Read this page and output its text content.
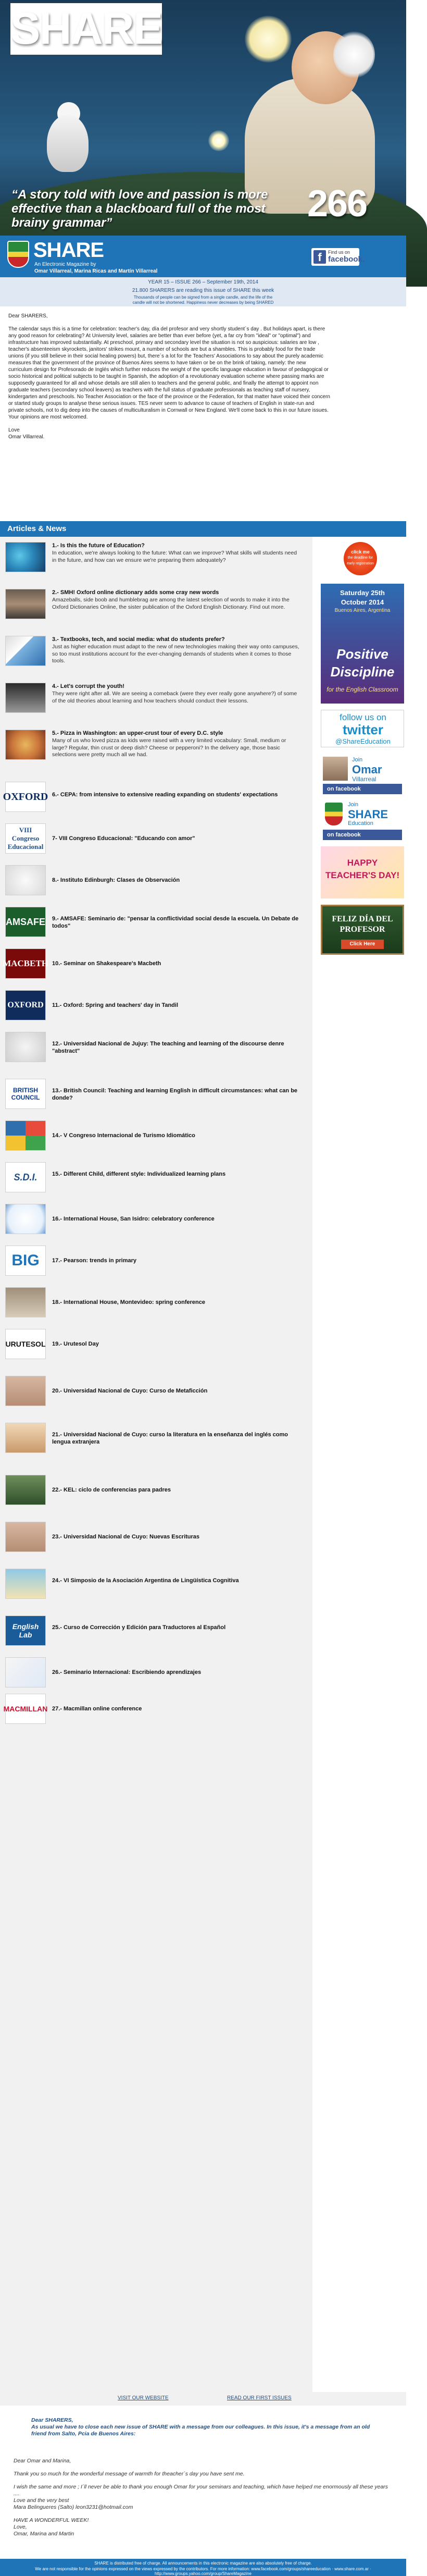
SHARE
“A story told with love and passion is more effective than a blackboard full of the most brainy grammar”	266
SHARE
An Electronic Magazine by
Omar Villarreal, Marina Ricas and Martín Villarreal
f	Find us on
facebook.
YEAR 15 – ISSUE 266 – September 19th, 2014
21.800 SHARERS are reading this issue of SHARE this week
Thousands of people can be signed from a single candle, and the life of the
candle will not be shortened. Happiness never decreases by being SHARED

Dear SHARERS,

The calendar says this is a time for celebration: teacher's day, día del profesor and very shortly student´s day . But holidays apart, is there any good reason for celebrating? At University level, salaries are better than ever before (yet, a far cry from "ideal" or "optimal") and infrastructure has improved substantially. At preschool, primary and secondary level the situation is not so auspicious: salaries are low , teacher's absenteeism skyrockets, janitors' strikes mount, a number of schools are but a shambles. This is probably food for the trade unions (if you still believe in their social healing powers) but, there´s a lot for the Teachers' Associations to say about the purely academic measures that the government of the province of Buenos Aires seems to have taken or be on the brink of taking, namely: the new curriculum design for Profesorado de Inglés which further reduces the weight of the specific language education in favour of pedagogical or socio historical and political subjects to be taught in Spanish, the adoption of a revolutionary evaluation scheme where passing marks are supposedly guaranteed for all and whose details are still alien to teachers and the general public, and finally the attempt to appoint non graduate teachers (secondary school leavers) as teachers with the full status of graduate professionals as teaching staff of nursery, kindergarten and preschools. No Teacher Association or the face of the province or the Federation, for that matter have voiced their concern or started study groups to analyse these serious issues. TES never seem to advance to cause of teachers of English in state-run and private schools, not to dig deep into the causes of multiculturalism in Cornwall or New England. We'll come back to this in our future issues. Your opinions are most welcomed.

Love
Omar Villarreal.
Articles & News
1.- Is this the future of Education?
In education, we're always looking to the future: What can we improve? What skills will students need in the future, and how can we ensure we're preparing them adequately?
2.- SMH! Oxford online dictionary adds some cray new words
Amazeballs, side boob and humblebrag are among the latest selection of words to make it into the Oxford Dictionaries Online, the sister publication of the Oxford English Dictionary. Find out more.
3.- Textbooks, tech, and social media: what do students prefer?
Just as higher education must adapt to the new of new technologies making their way onto campuses, so too must institutions account for the ever-changing demands of students when it comes to those tools.
4.- Let's corrupt the youth!
They were right after all. We are seeing a comeback (were they ever really gone anywhere?) of some of the old theories about learning and how teachers should conduct their lessons.
5.- Pizza in Washington: an upper-crust tour of every D.C. style
Many of us who loved pizza as kids were raised with a very limited vocabulary: Small, medium or large? Regular, thin crust or deep dish? Cheese or pepperoni? In the delivery age, those basic selections were pretty much all we had.
OXFORD 6.- CEPA: from intensive to extensive reading expanding on students' expectations
VIII Congreso Educacional
7- VIII Congreso Educacional: "Educando con amor"
8.- Instituto Edinburgh: Clases de Observación
AMSAFE 9.- AMSAFE: Seminario de: "pensar la conflictividad social desde la escuela. Un Debate de todos"
MACBETH 10.- Seminar on Shakespeare's Macbeth
OXFORD	11.- Oxford: Spring and teachers' day in Tandil
12.- Universidad Nacional de Jujuy: The teaching and learning of the discourse denre "abstract"
BRITISH COUNCIL
13.- British Council: Teaching and learning English in difficult circumstances: what can be donde?
14.- V Congreso Internacional de Turismo Idiomático
S.D.I.	15.- Different Child, different style: Individualized learning plans
16.- International House, San Isidro: celebratory conference
BIG	17.- Pearson: trends in primary
18.- International House, Montevideo: spring conference
URUTESOL 19.- Urutesol Day
20.- Universidad Nacional de Cuyo: Curso de Metaficción
21.- Universidad Nacional de Cuyo: curso la literatura en la enseñanza del inglés como lengua extranjera
22.- KEL: ciclo de conferencias para padres
23.- Universidad Nacional de Cuyo: Nuevas Escrituras
24.- VI Simposio de la Asociación Argentina de Lingüística Cognitiva
English Lab
25.- Curso de Corrección y Edición para Traductores al Español
26.- Seminario Internacional: Escribiendo aprendizajes
MACMILLAN 27.- Macmillan online conference
click me
the deadline for early registration
Saturday 25th
October 2014
Buenos Aires, Argentina
Positive
Discipline
for the English Classroom
follow us on
twitter
@ShareEducation
Join
Omar
Villarreal
on facebook
Join
SHARE
Education
on facebook
HAPPY
TEACHER'S DAY!
FELIZ DÍA DEL
PROFESOR
Click Here
VISIT OUR WEBSITE	READ OUR FIRST ISSUES
Dear SHARERS,
As usual we have to close each new issue of SHARE with a message from our colleagues. In this issue, it's a message from an old friend from Salto, Pcia de Buenos Aires:

Dear Omar and Marina,

Thank you so much for the wonderful message of warmth for theacher´s day you have sent me.

I wish the same and more ; I´ll never be able to thank you enough Omar for your seminars and teaching, which have helped me enormously all these years ....
Love and the very best

Mara Belingueres (Salto) leon3231@hotmail.com

HAVE A WONDERFUL WEEK!
Love,
Omar, Marina and Martin
SHARE is distributed free of charge. All announcements in this electronic magazine are also absolutely free of charge.
We are not responsible for the opinions expressed on the views expressed by the contributors. For more information: www.facebook.com/groups/shareeducation · www.share.com.ar · http://www.groups.yahoo.com/group/ShareMagazine
